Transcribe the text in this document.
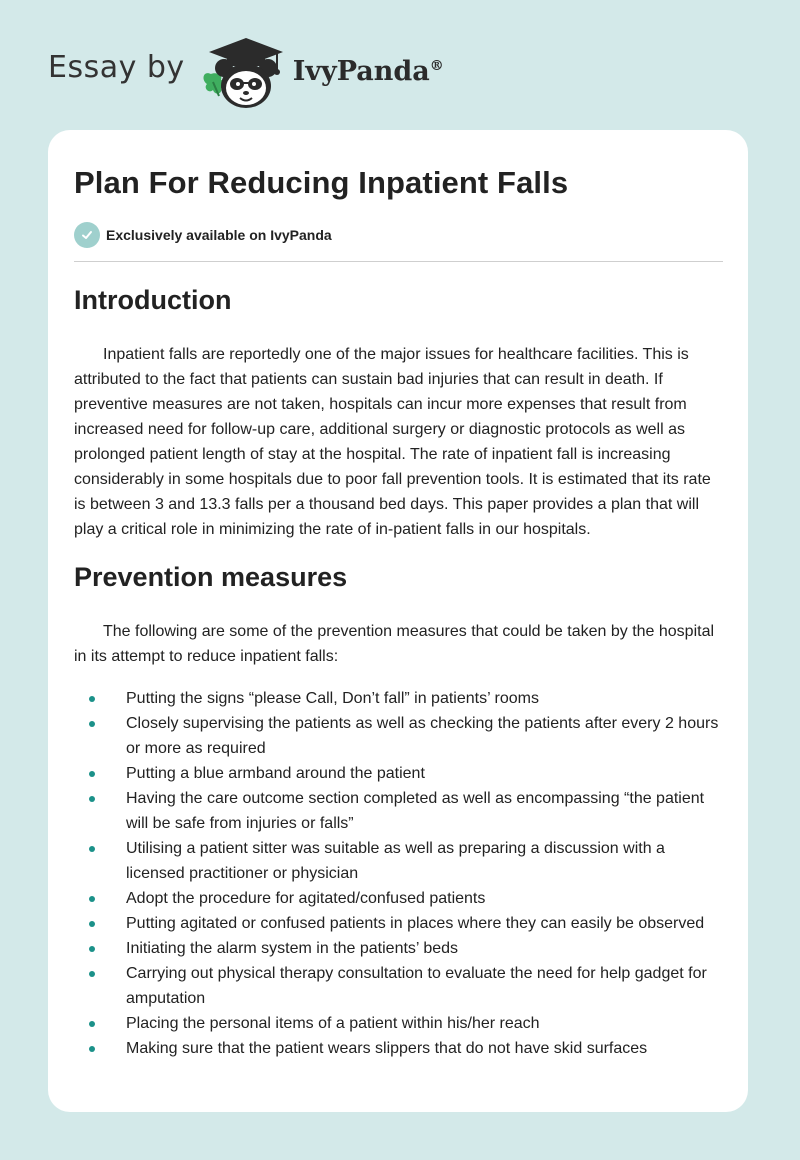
Essay by	IvyPanda®
Plan For Reducing Inpatient Falls
Exclusively available on IvyPanda
Introduction

Inpatient falls are reportedly one of the major issues for healthcare facilities. This is attributed to the fact that patients can sustain bad injuries that can result in death. If preventive measures are not taken, hospitals can incur more expenses that result from increased need for follow-up care, additional surgery or diagnostic protocols as well as prolonged patient length of stay at the hospital. The rate of inpatient fall is increasing considerably in some hospitals due to poor fall prevention tools. It is estimated that its rate is between 3 and 13.3 falls per a thousand bed days. This paper provides a plan that will play a critical role in minimizing the rate of in-patient falls in our hospitals.

Prevention measures

The following are some of the prevention measures that could be taken by the hospital in its attempt to reduce inpatient falls:

Putting the signs “please Call, Don’t fall” in patients’ rooms
Closely supervising the patients as well as checking the patients after every 2 hours or more as required
Putting a blue armband around the patient
Having the care outcome section completed as well as encompassing “the patient will be safe from injuries or falls”
Utilising a patient sitter was suitable as well as preparing a discussion with a licensed practitioner or physician
Adopt the procedure for agitated/confused patients
Putting agitated or confused patients in places where they can easily be observed
Initiating the alarm system in the patients’ beds
Carrying out physical therapy consultation to evaluate the need for help gadget for amputation
Placing the personal items of a patient within his/her reach
Making sure that the patient wears slippers that do not have skid surfaces
